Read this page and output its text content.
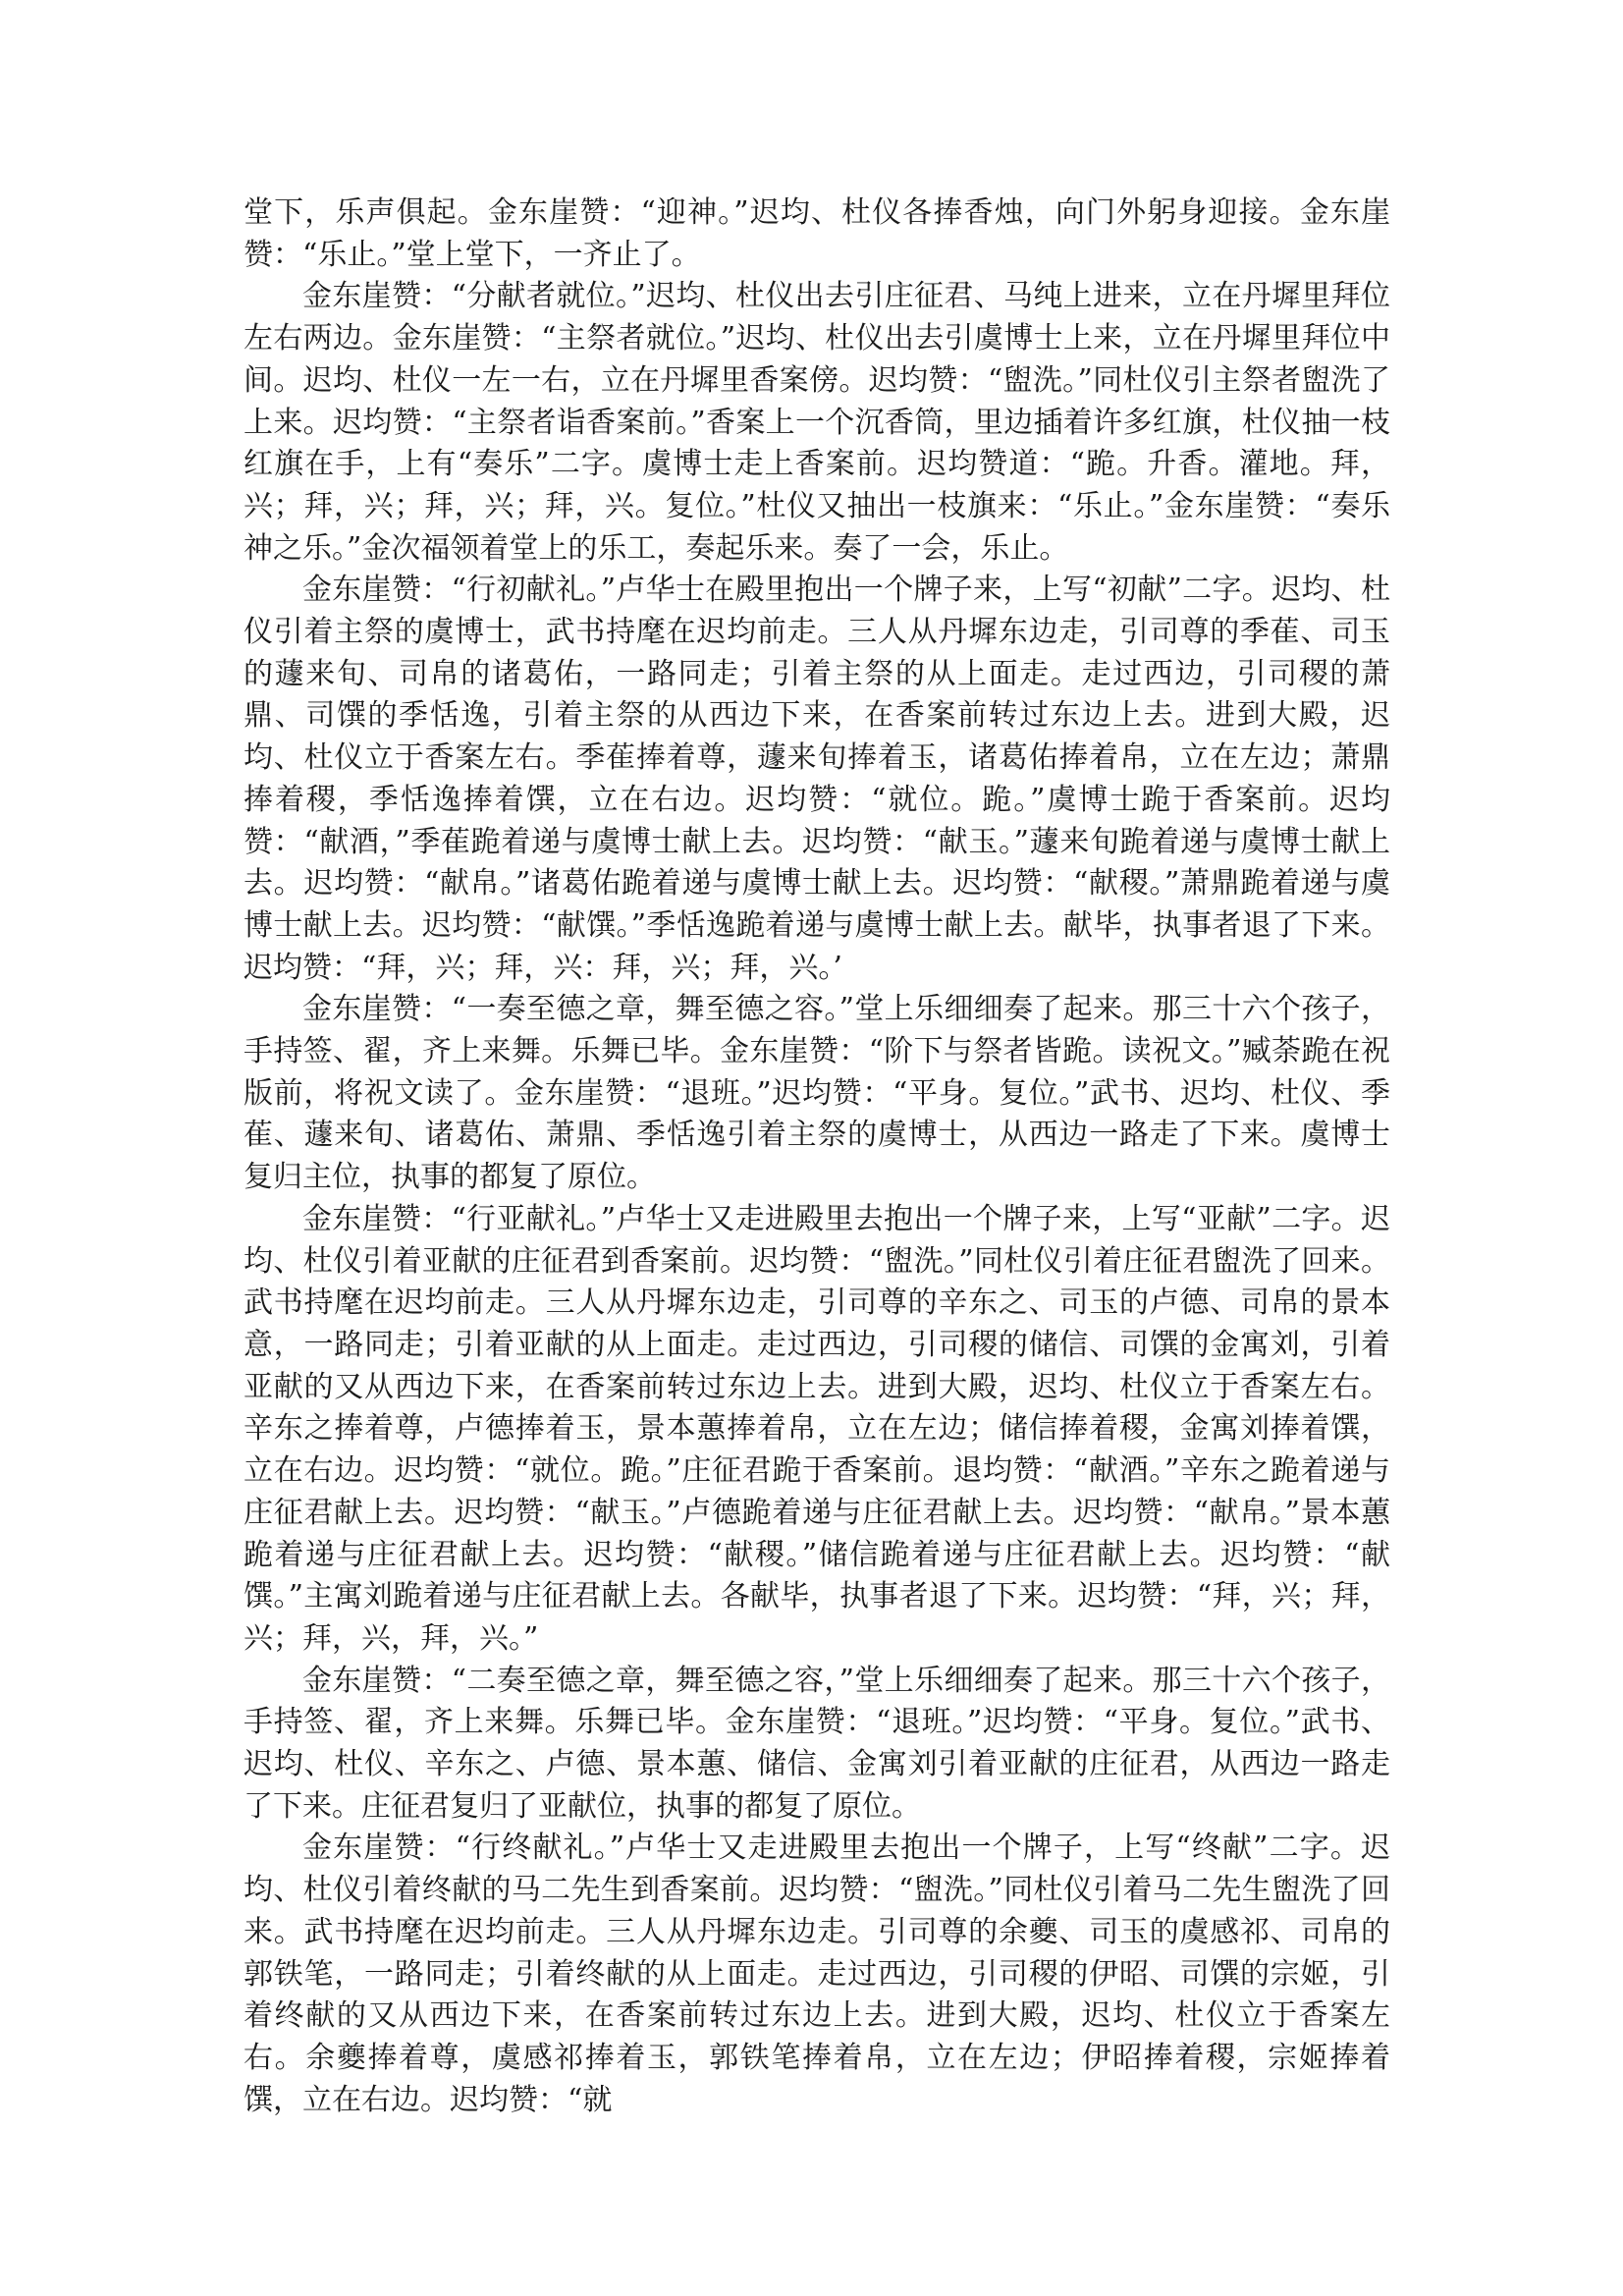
堂下，乐声俱起。金东崖赞：“迎神。”迟均、杜仪各捧香烛，向门外躬身迎接。金东崖赞：“乐止。”堂上堂下，一齐止了。

金东崖赞：“分献者就位。”迟均、杜仪出去引庄征君、马纯上进来，立在丹墀里拜位左右两边。金东崖赞：“主祭者就位。”迟均、杜仪出去引虞博士上来，立在丹墀里拜位中间。迟均、杜仪一左一右，立在丹墀里香案傍。迟均赞：“盥洗。”同杜仪引主祭者盥洗了上来。迟均赞：“主祭者诣香案前。”香案上一个沉香筒，里边插着许多红旗，杜仪抽一枝红旗在手，上有“奏乐”二字。虞博士走上香案前。迟均赞道：“跪。升香。灌地。拜，兴；拜，兴；拜，兴；拜，兴。复位。”杜仪又抽出一枝旗来：“乐止。”金东崖赞：“奏乐神之乐。”金次福领着堂上的乐工，奏起乐来。奏了一会，乐止。

金东崖赞：“行初献礼。”卢华士在殿里抱出一个牌子来，上写“初献”二字。迟均、杜仪引着主祭的虞博士，武书持麾在迟均前走。三人从丹墀东边走，引司尊的季萑、司玉的蘧来旬、司帛的诸葛佑，一路同走；引着主祭的从上面走。走过西边，引司稷的萧鼎、司馔的季恬逸，引着主祭的从西边下来，在香案前转过东边上去。进到大殿，迟均、杜仪立于香案左右。季萑捧着尊，蘧来旬捧着玉，诸葛佑捧着帛，立在左边；萧鼎捧着稷，季恬逸捧着馔，立在右边。迟均赞：“就位。跪。”虞博士跪于香案前。迟均赞：“献酒，”季萑跪着递与虞博士献上去。迟均赞：“献玉。”蘧来旬跪着递与虞博士献上去。迟均赞：“献帛。”诸葛佑跪着递与虞博士献上去。迟均赞：“献稷。”萧鼎跪着递与虞博士献上去。迟均赞：“献馔。”季恬逸跪着递与虞博士献上去。献毕，执事者退了下来。迟均赞：“拜，兴；拜，兴：拜，兴；拜，兴。’

金东崖赞：“一奏至德之章，舞至德之容。”堂上乐细细奏了起来。那三十六个孩子，手持签、翟，齐上来舞。乐舞已毕。金东崖赞：“阶下与祭者皆跪。读祝文。”臧荼跪在祝版前，将祝文读了。金东崖赞：“退班。”迟均赞：“平身。复位。”武书、迟均、杜仪、季萑、蘧来旬、诸葛佑、萧鼎、季恬逸引着主祭的虞博士，从西边一路走了下来。虞博士复归主位，执事的都复了原位。

金东崖赞：“行亚献礼。”卢华士又走进殿里去抱出一个牌子来，上写“亚献”二字。迟均、杜仪引着亚献的庄征君到香案前。迟均赞：“盥洗。”同杜仪引着庄征君盥洗了回来。武书持麾在迟均前走。三人从丹墀东边走，引司尊的辛东之、司玉的卢德、司帛的景本意，一路同走；引着亚献的从上面走。走过西边，引司稷的储信、司馔的金寓刘，引着亚献的又从西边下来，在香案前转过东边上去。进到大殿，迟均、杜仪立于香案左右。辛东之捧着尊，卢德捧着玉，景本蕙捧着帛，立在左边；储信捧着稷，金寓刘捧着馔，立在右边。迟均赞：“就位。跪。”庄征君跪于香案前。退均赞：“献酒。”辛东之跪着递与庄征君献上去。迟均赞：“献玉。”卢德跪着递与庄征君献上去。迟均赞：“献帛。”景本蕙跪着递与庄征君献上去。迟均赞：“献稷。”储信跪着递与庄征君献上去。迟均赞：“献馔。”主寓刘跪着递与庄征君献上去。各献毕，执事者退了下来。迟均赞：“拜，兴；拜，兴；拜，兴，拜，兴。”

金东崖赞：“二奏至德之章，舞至德之容，”堂上乐细细奏了起来。那三十六个孩子，手持签、翟，齐上来舞。乐舞已毕。金东崖赞：“退班。”迟均赞：“平身。复位。”武书、迟均、杜仪、辛东之、卢德、景本蕙、储信、金寓刘引着亚献的庄征君，从西边一路走了下来。庄征君复归了亚献位，执事的都复了原位。

金东崖赞：“行终献礼。”卢华士又走进殿里去抱出一个牌子，上写“终献”二字。迟均、杜仪引着终献的马二先生到香案前。迟均赞：“盥洗。”同杜仪引着马二先生盥洗了回来。武书持麾在迟均前走。三人从丹墀东边走。引司尊的余夔、司玉的虞感祁、司帛的郭铁笔，一路同走；引着终献的从上面走。走过西边，引司稷的伊昭、司馔的宗姬，引着终献的又从西边下来，在香案前转过东边上去。进到大殿，迟均、杜仪立于香案左右。余夔捧着尊，虞感祁捧着玉，郭铁笔捧着帛，立在左边；伊昭捧着稷，宗姬捧着馔，立在右边。迟均赞：“就
